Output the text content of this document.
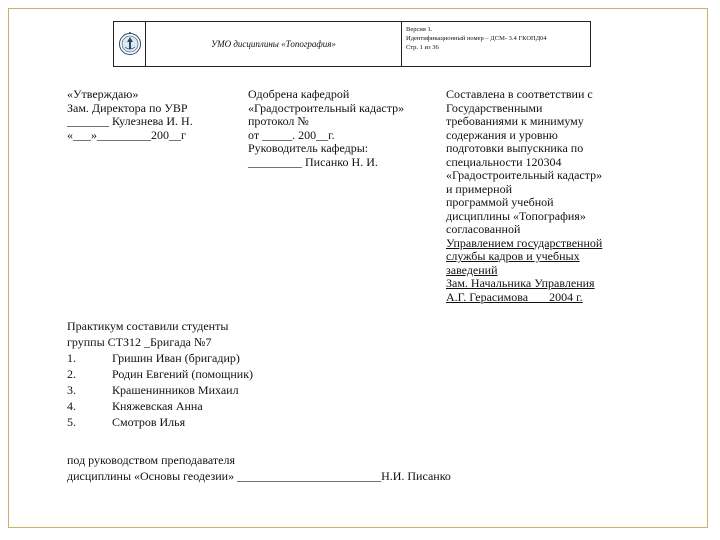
УМО дисциплины «Топография»
Версия 1.
Идентификационный номер – ДСМ- 3.4 ГКОПД04
Стр. 1 из 36
«Утверждаю»
Зам. Директора по УВР
_______ Кулезнева И. Н.
«___»_________200__г
Одобрена кафедрой
«Градостроительный кадастр»
протокол №
от _____. 200__г.
Руководитель кафедры:
_________ Писанко Н. И.
Составлена в соответствии с
Государственными
требованиями к минимуму
содержания и уровню
подготовки выпускника по
специальности 120304
«Градостроительный кадастр»
и примерной
программой учебной
дисциплины «Топография»
согласованной
Управлением государственной
службы кадров и учебных
заведений
Зам. Начальника Управления
А.Г. Герасимова       2004 г.
Практикум составили студенты
группы СТЗ12 _Бригада №7
1.	Гришин Иван (бригадир)
2.	Родин Евгений (помощник)
3.	Крашенинников Михаил
4.	Княжевская Анна
5.	Смотров Илья
под руководством преподавателя
дисциплины «Основы геодезии» ________________________Н.И. Писанко
